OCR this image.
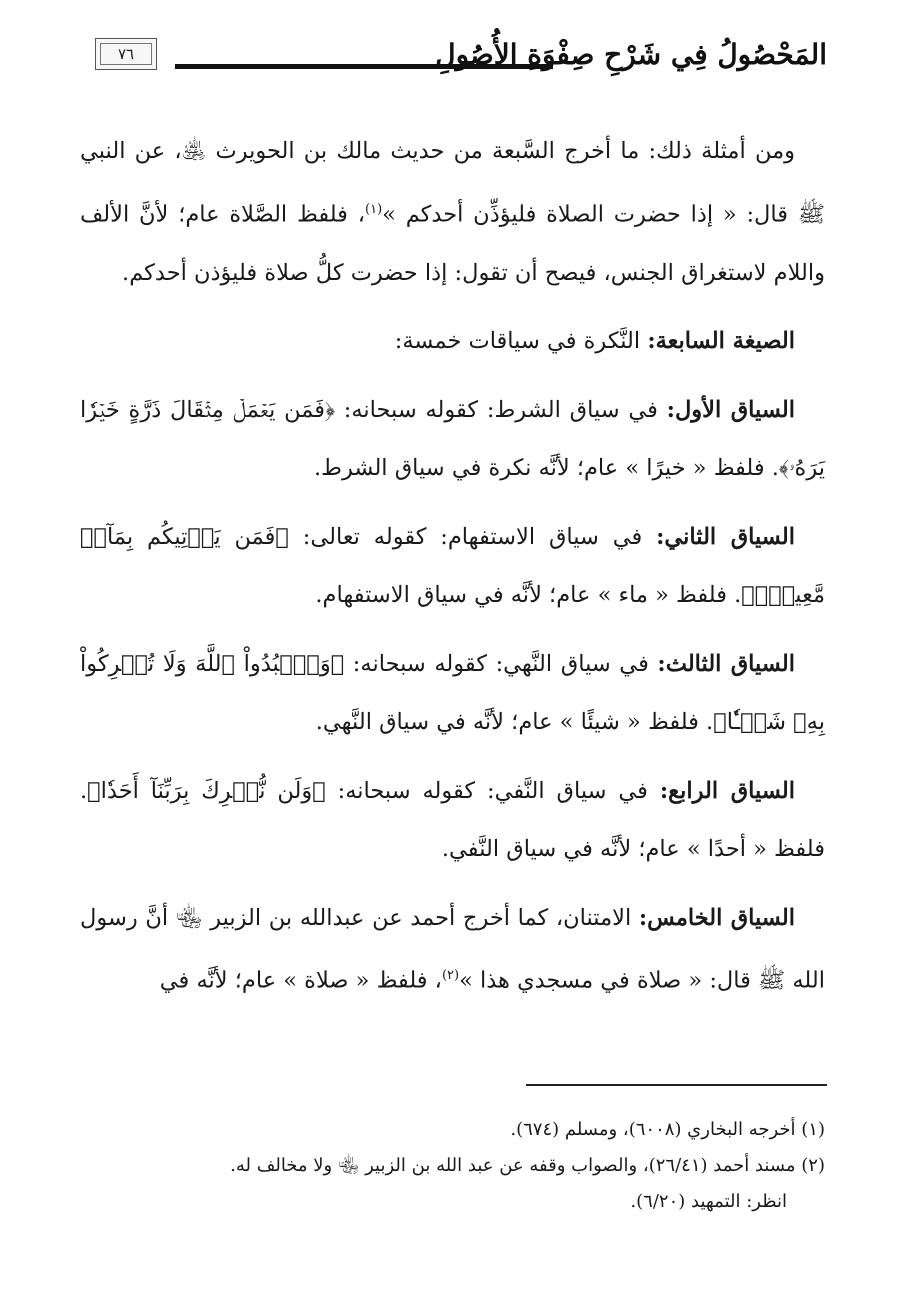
٧٦	المَحْصُولُ فِي شَرْحِ صِفْوَةِ الأُصُولِ

ومن أمثلة ذلك: ما أخرج السَّبعة من حديث مالك بن الحويرث ﵁، عن النبي ﷺ قال: « إذا حضرت الصلاة فليؤذِّن أحدكم »$^{(١)}$، فلفظ الصَّلاة عام؛ لأنَّ الألف واللام لاستغراق الجنس، فيصح أن تقول: إذا حضرت كلُّ صلاة فليؤذن أحدكم.

الصيغة السابعة: النَّكرة في سياقات خمسة:

السياق الأول: في سياق الشرط: كقوله سبحانه: ﴿فَمَن يَعۡمَلۡ مِثۡقَالَ ذَرَّةٍ خَيۡرٗا يَرَهُۥ﴾. فلفظ « خيرًا » عام؛ لأنَّه نكرة في سياق الشرط.

السياق الثاني: في سياق الاستفهام: كقوله تعالى: ﴿فَمَن يَأۡتِيكُم بِمَآءٖ مَّعِينِۭ﴾. فلفظ « ماء » عام؛ لأنَّه في سياق الاستفهام.

السياق الثالث: في سياق النَّهي: كقوله سبحانه: ﴿وَٱعۡبُدُواْ ٱللَّهَ وَلَا تُشۡرِكُواْ بِهِۦ شَيۡـٔٗا﴾. فلفظ « شيئًا » عام؛ لأنَّه في سياق النَّهي.

السياق الرابع: في سياق النَّفي: كقوله سبحانه: ﴿وَلَن نُّشۡرِكَ بِرَبِّنَآ أَحَدٗا﴾. فلفظ « أحدًا » عام؛ لأنَّه في سياق النَّفي.

السياق الخامس: الامتنان، كما أخرج أحمد عن عبدالله بن الزبير ﵄ أنَّ رسول الله ﷺ قال: « صلاة في مسجدي هذا »$^{(٢)}$، فلفظ « صلاة » عام؛ لأنَّه في

(١) أخرجه البخاري (٦٠٠٨)، ومسلم (٦٧٤).

(٢) مسند أحمد (٢٦/٤١)، والصواب وقفه عن عبد الله بن الزبير ﵄ ولا مخالف له.

انظر: التمهيد (٦/٢٠).
